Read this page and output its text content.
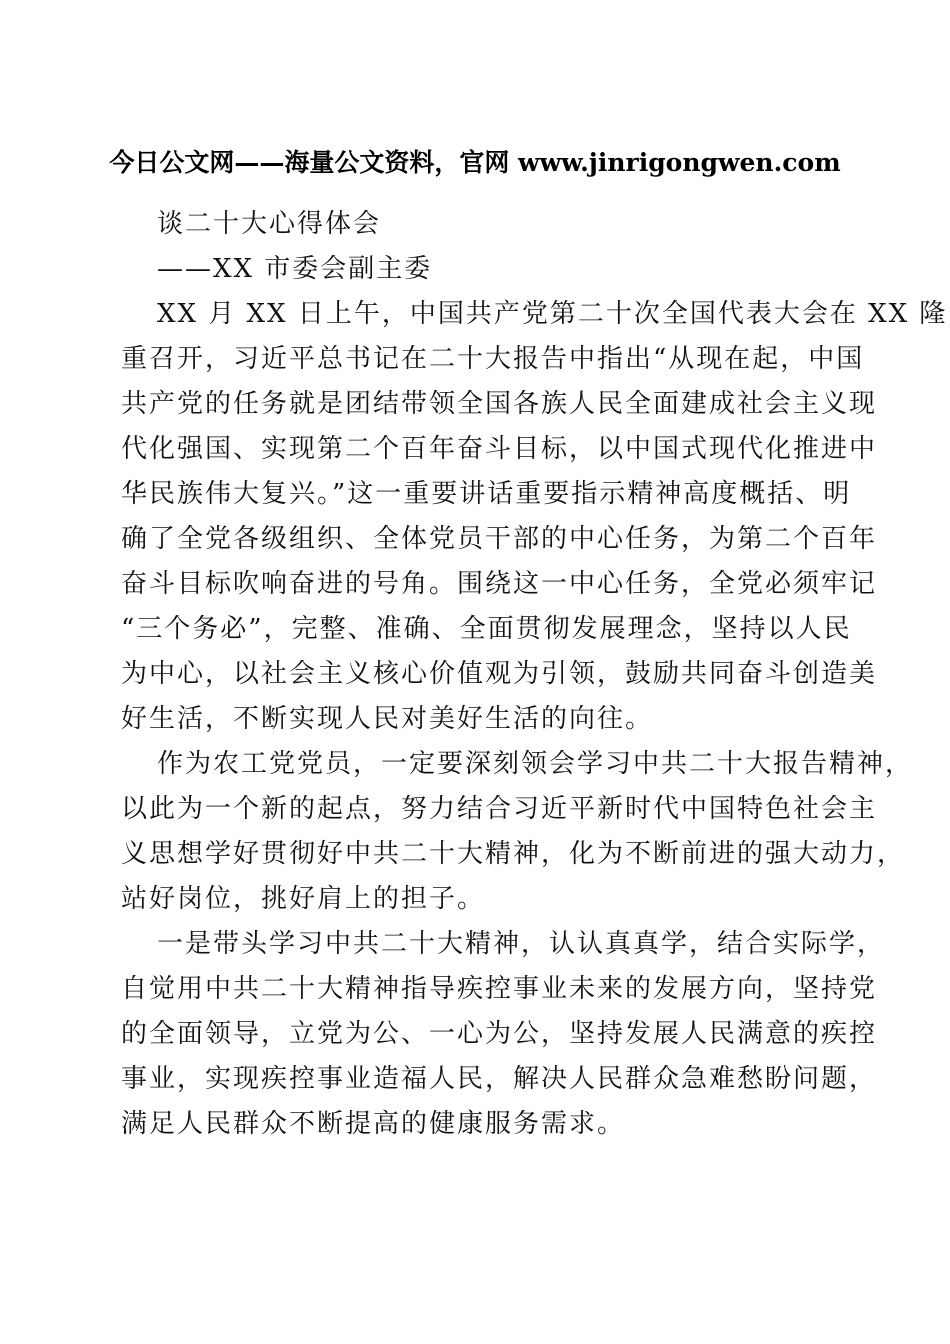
今日公文网——海量公文资料，官网 www.jinrigongwen.com
谈二十大心得体会
——XX 市委会副主委
XX 月 XX 日上午，中国共产党第二十次全国代表大会在 XX 隆
重召开，习近平总书记在二十大报告中指出“从现在起，中国
共产党的任务就是团结带领全国各族人民全面建成社会主义现
代化强国、实现第二个百年奋斗目标，以中国式现代化推进中
华民族伟大复兴。”这一重要讲话重要指示精神高度概括、明
确了全党各级组织、全体党员干部的中心任务，为第二个百年
奋斗目标吹响奋进的号角。围绕这一中心任务，全党必须牢记
“三个务必”，完整、准确、全面贯彻发展理念，坚持以人民
为中心，以社会主义核心价值观为引领，鼓励共同奋斗创造美
好生活，不断实现人民对美好生活的向往。
作为农工党党员，一定要深刻领会学习中共二十大报告精神，
以此为一个新的起点，努力结合习近平新时代中国特色社会主
义思想学好贯彻好中共二十大精神，化为不断前进的强大动力，
站好岗位，挑好肩上的担子。
一是带头学习中共二十大精神，认认真真学，结合实际学，
自觉用中共二十大精神指导疾控事业未来的发展方向，坚持党
的全面领导，立党为公、一心为公，坚持发展人民满意的疾控
事业，实现疾控事业造福人民，解决人民群众急难愁盼问题，
满足人民群众不断提高的健康服务需求。
